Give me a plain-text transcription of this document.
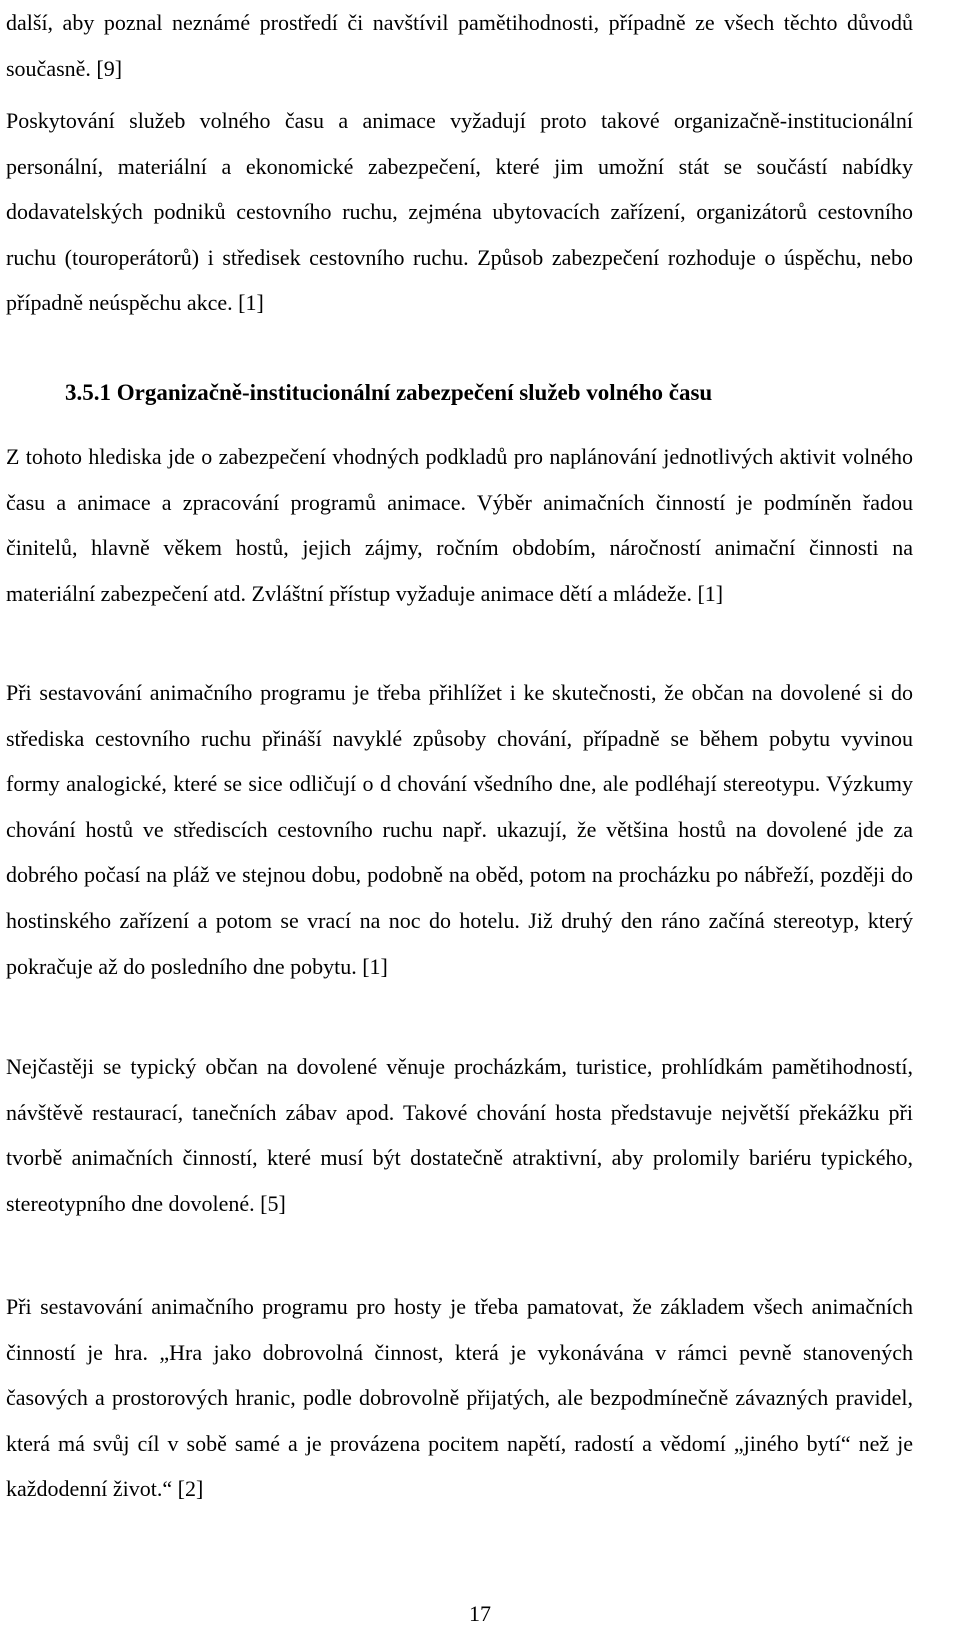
další, aby poznal neznámé prostředí či navštívil pamětihodnosti, případně ze všech těchto důvodů současně. [9]

Poskytování služeb volného času a animace vyžadují proto takové organizačně-institucionální personální, materiální a ekonomické zabezpečení, které jim umožní stát se součástí nabídky dodavatelských podniků cestovního ruchu, zejména ubytovacích zařízení, organizátorů cestovního ruchu (touroperátorů) i středisek cestovního ruchu. Způsob zabezpečení rozhoduje o úspěchu, nebo případně neúspěchu akce. [1]

3.5.1 Organizačně-institucionální zabezpečení služeb volného času

Z tohoto hlediska jde o zabezpečení vhodných podkladů pro naplánování jednotlivých aktivit volného času a animace a zpracování programů animace. Výběr animačních činností je podmíněn řadou činitelů, hlavně věkem hostů, jejich zájmy, ročním obdobím, náročností animační činnosti na materiální zabezpečení atd. Zvláštní přístup vyžaduje animace dětí a mládeže. [1]

Při sestavování animačního programu je třeba přihlížet i ke skutečnosti, že občan na dovolené si do střediska cestovního ruchu přináší navyklé způsoby chování, případně se během pobytu vyvinou formy analogické, které se sice odličují o d chování všedního dne, ale podléhají stereotypu. Výzkumy chování hostů ve střediscích cestovního ruchu např. ukazují, že většina hostů na dovolené jde za dobrého počasí na pláž ve stejnou dobu, podobně na oběd, potom na procházku po nábřeží, později do hostinského zařízení a potom se vrací na noc do hotelu. Již druhý den ráno začíná stereotyp, který pokračuje až do posledního dne pobytu. [1]

Nejčastěji se typický občan na dovolené věnuje procházkám, turistice, prohlídkám pamětihodností, návštěvě restaurací, tanečních zábav apod. Takové chování hosta představuje největší překážku při tvorbě animačních činností, které musí být dostatečně atraktivní, aby prolomily bariéru typického, stereotypního dne dovolené. [5]

Při sestavování animačního programu pro hosty je třeba pamatovat, že základem všech animačních činností je hra. „Hra jako dobrovolná činnost, která je vykonávána v rámci pevně stanovených časových a prostorových hranic, podle dobrovolně přijatých, ale bezpodmínečně závazných pravidel, která má svůj cíl v sobě samé a je provázena pocitem napětí, radostí a vědomí „jiného bytí“ než je každodenní život.“ [2]

17
